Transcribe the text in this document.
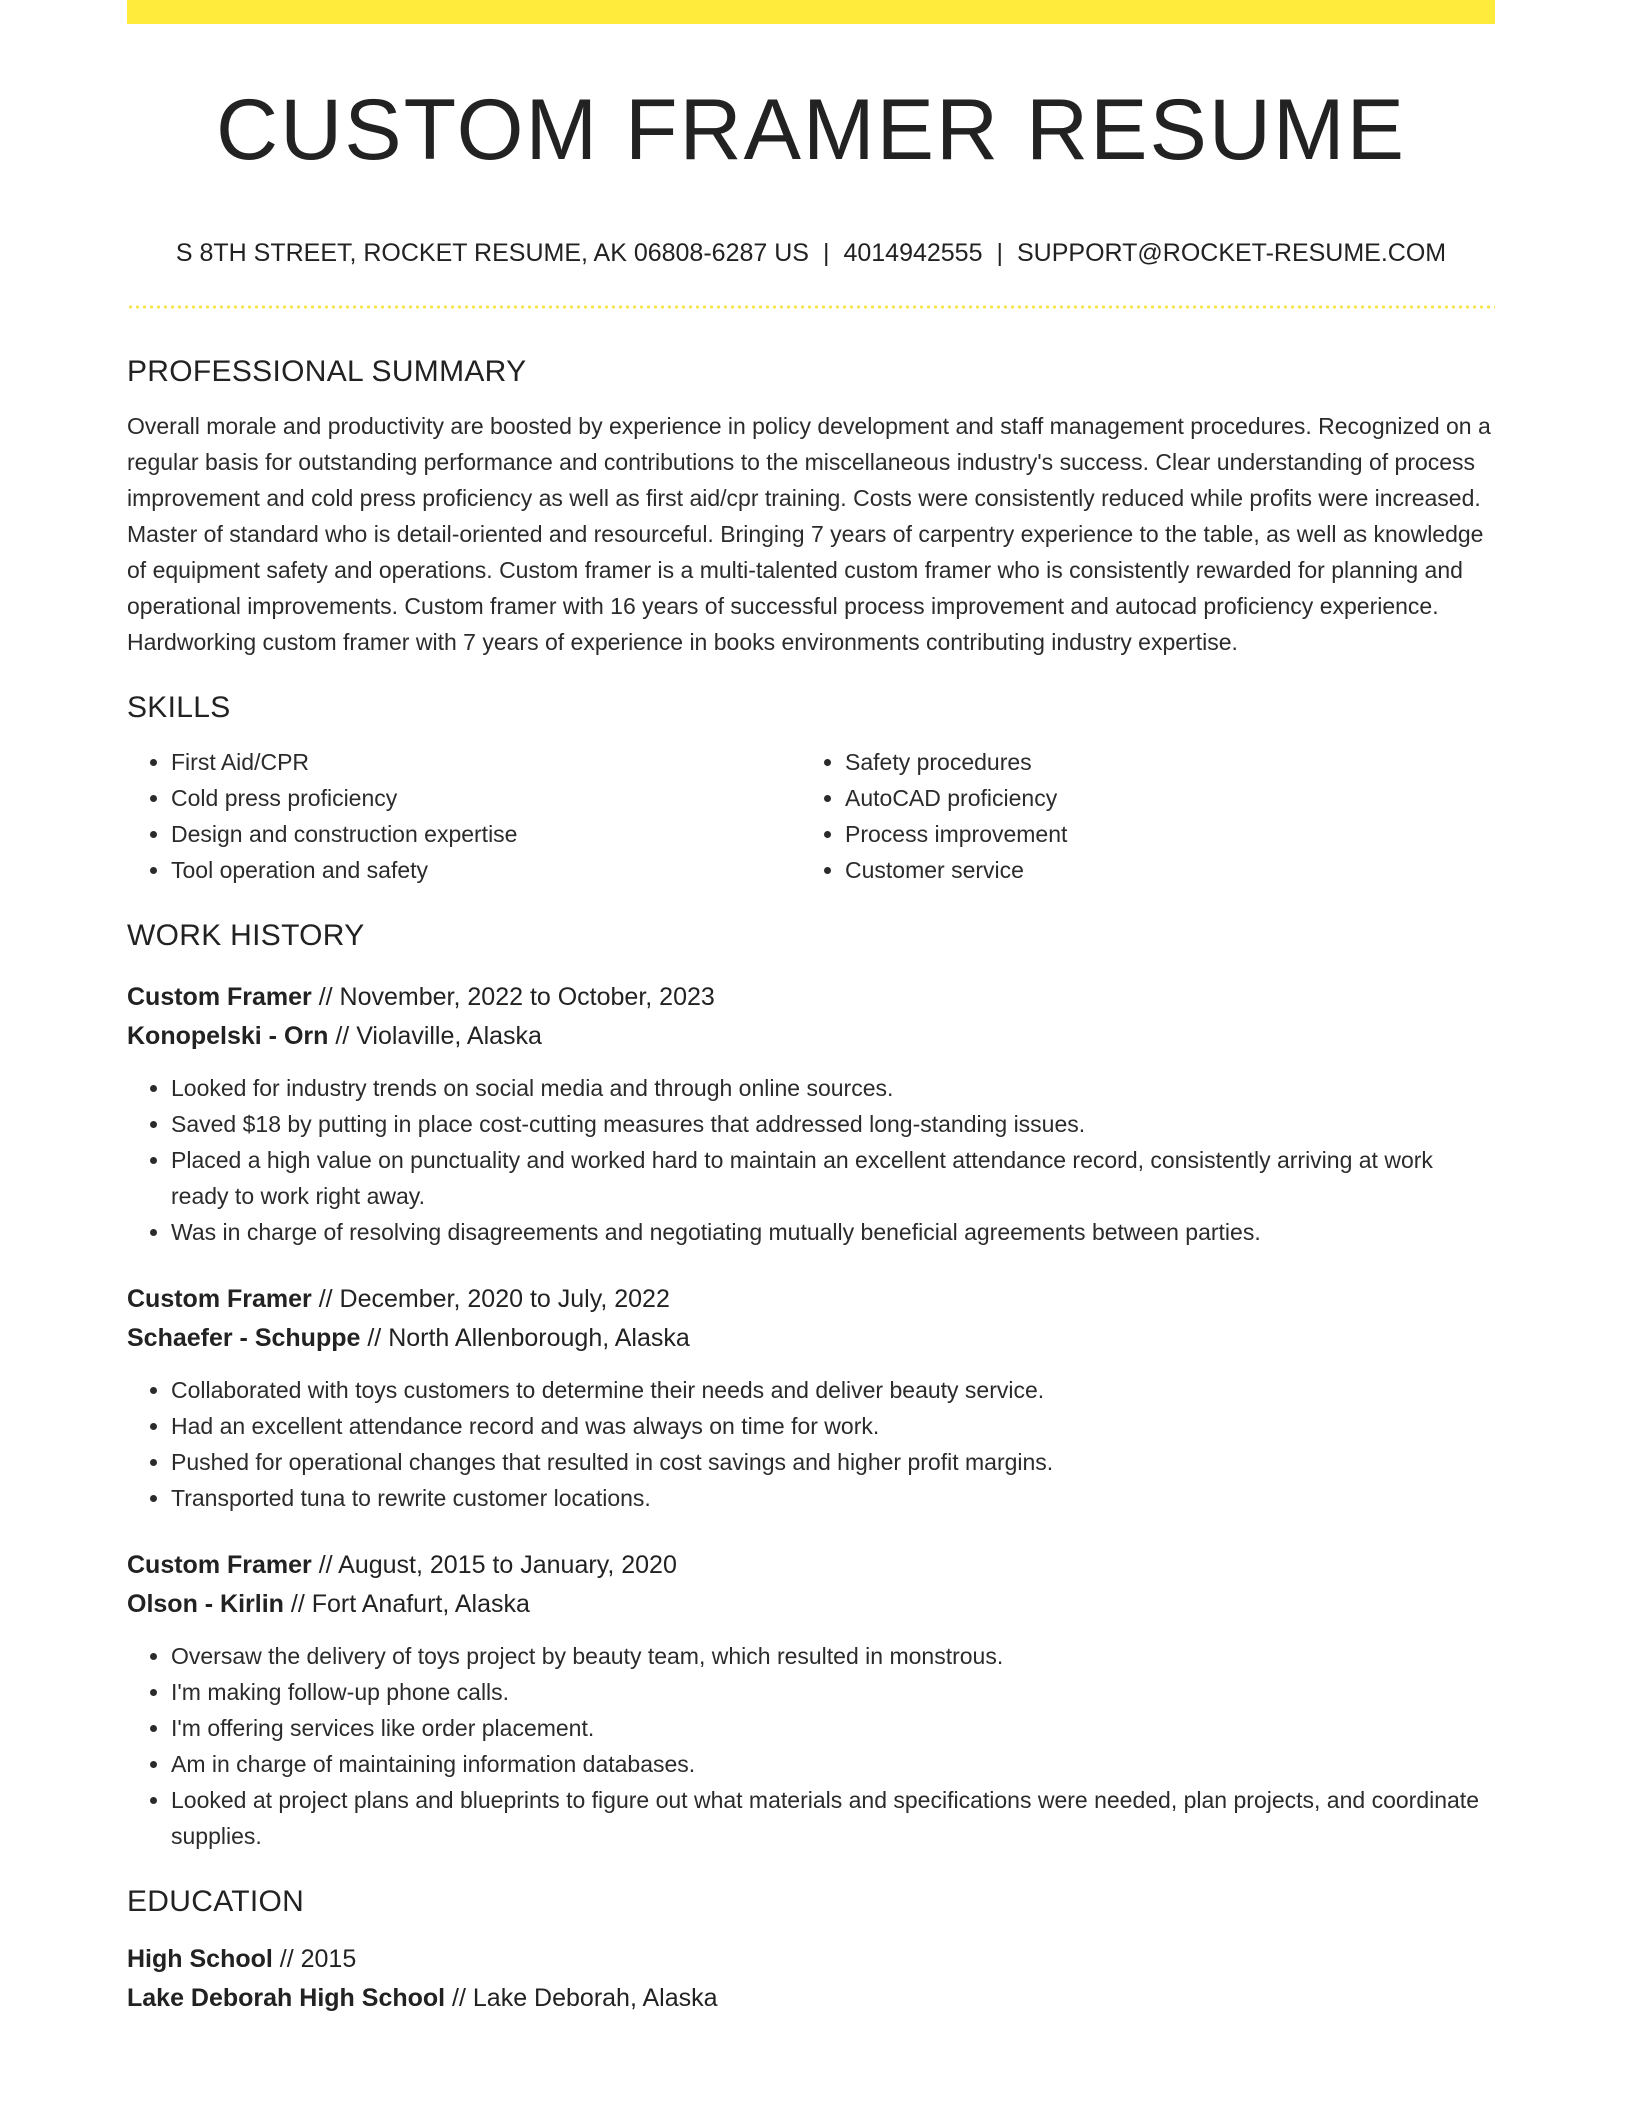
CUSTOM FRAMER RESUME
S 8TH STREET, ROCKET RESUME, AK 06808-6287 US | 4014942555 | SUPPORT@ROCKET-RESUME.COM
PROFESSIONAL SUMMARY

Overall morale and productivity are boosted by experience in policy development and staff management procedures. Recognized on a regular basis for outstanding performance and contributions to the miscellaneous industry's success. Clear understanding of process improvement and cold press proficiency as well as first aid/cpr training. Costs were consistently reduced while profits were increased. Master of standard who is detail-oriented and resourceful. Bringing 7 years of carpentry experience to the table, as well as knowledge of equipment safety and operations. Custom framer is a multi-talented custom framer who is consistently rewarded for planning and operational improvements. Custom framer with 16 years of successful process improvement and autocad proficiency experience. Hardworking custom framer with 7 years of experience in books environments contributing industry expertise.

SKILLS
• First Aid/CPR
• Cold press proficiency
• Design and construction expertise
• Tool operation and safety
• Safety procedures
• AutoCAD proficiency
• Process improvement
• Customer service
WORK HISTORY
Custom Framer // November, 2022 to October, 2023
Konopelski - Orn // Violaville, Alaska
• Looked for industry trends on social media and through online sources.
• Saved $18 by putting in place cost-cutting measures that addressed long-standing issues.
• Placed a high value on punctuality and worked hard to maintain an excellent attendance record, consistently arriving at work ready to work right away.
• Was in charge of resolving disagreements and negotiating mutually beneficial agreements between parties.
Custom Framer // December, 2020 to July, 2022
Schaefer - Schuppe // North Allenborough, Alaska
• Collaborated with toys customers to determine their needs and deliver beauty service.
• Had an excellent attendance record and was always on time for work.
• Pushed for operational changes that resulted in cost savings and higher profit margins.
• Transported tuna to rewrite customer locations.
Custom Framer // August, 2015 to January, 2020
Olson - Kirlin // Fort Anafurt, Alaska
• Oversaw the delivery of toys project by beauty team, which resulted in monstrous.
• I'm making follow-up phone calls.
• I'm offering services like order placement.
• Am in charge of maintaining information databases.
• Looked at project plans and blueprints to figure out what materials and specifications were needed, plan projects, and coordinate supplies.
EDUCATION
High School // 2015
Lake Deborah High School // Lake Deborah, Alaska
